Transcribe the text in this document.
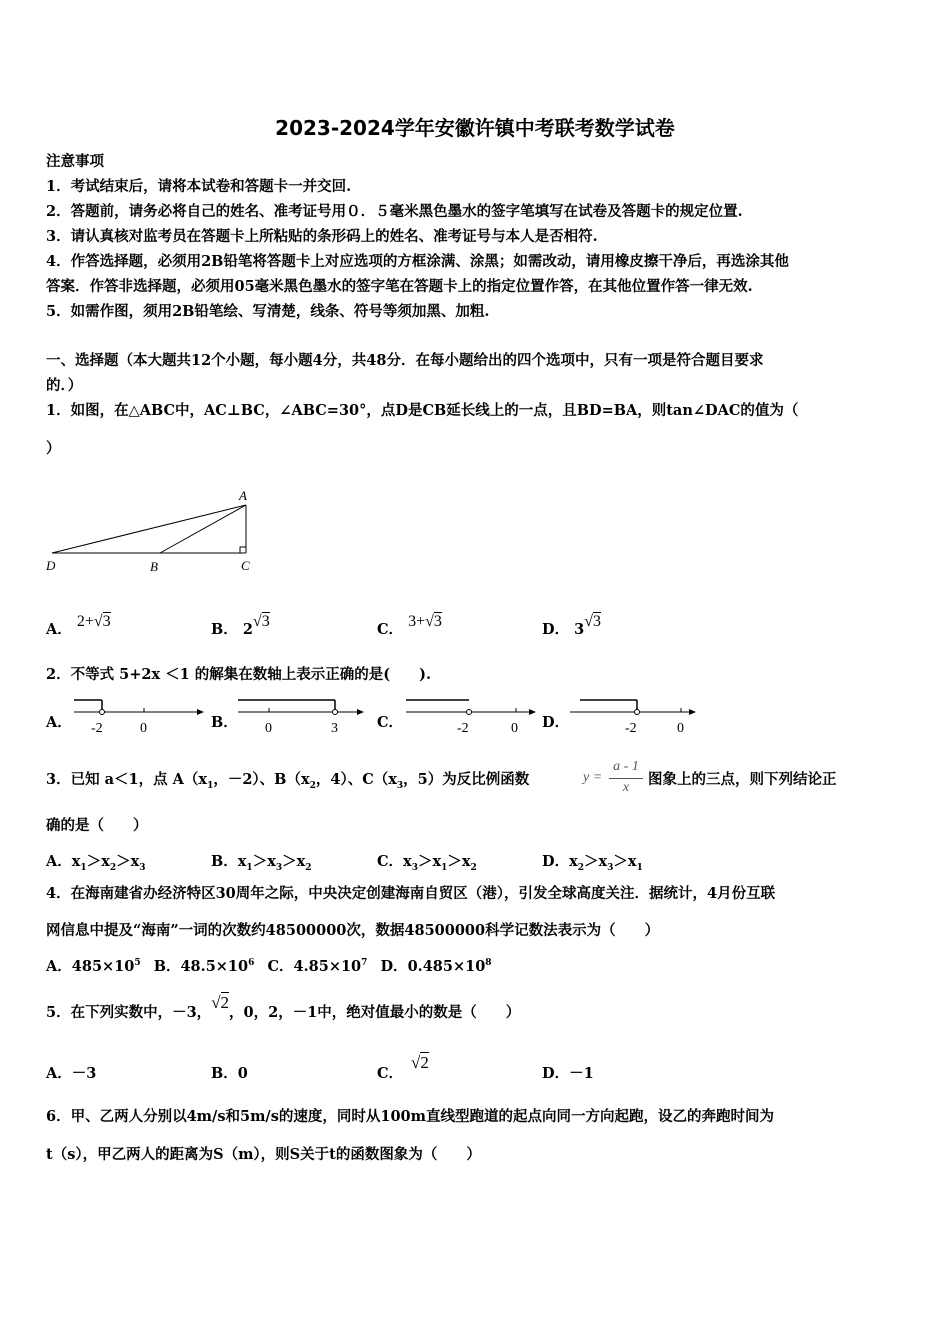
2023-2024学年安徽许镇中考联考数学试卷
注意事项
1．考试结束后，请将本试卷和答题卡一并交回.
2．答题前，请务必将自己的姓名、准考证号用０．５毫米黑色墨水的签字笔填写在试卷及答题卡的规定位置.
3．请认真核对监考员在答题卡上所粘贴的条形码上的姓名、准考证号与本人是否相符.
4．作答选择题，必须用2B铅笔将答题卡上对应选项的方框涂满、涂黑；如需改动，请用橡皮擦干净后，再选涂其他
答案．作答非选择题，必须用05毫米黑色墨水的签字笔在答题卡上的指定位置作答，在其他位置作答一律无效.
5．如需作图，须用2B铅笔绘、写清楚，线条、符号等须加黑、加粗.
一、选择题（本大题共12个小题，每小题4分，共48分．在每小题给出的四个选项中，只有一项是符合题目要求
的．）
1．如图，在△ABC中，AC⊥BC，∠ABC=30°，点D是CB延长线上的一点，且BD=BA，则tan∠DAC的值为（
）
A
D	B	C
A． 2+√3	B． 2√3	C． 3+√3	D． 3√3
2．不等式 5+2x ＜1 的解集在数轴上表示正确的是(　　).
A． -2	0	B． 0	3	C．	-2	0 D．	-2	0
3．已知 a＜1，点 $A(x_1$，－2）、$B(x_2$，4）、$C(x_3$，5）为反比例函数	y =
a - 1
x	图象上的三点，则下列结论正
确的是（　　）
A．$x_1>x_2>x_3$	B．$x_1>x_3>x_2$	C．$x_3>x_1>x_2$	D．$x_2>x_3>x_1$
4．在海南建省办经济特区30周年之际，中央决定创建海南自贸区（港），引发全球高度关注．据统计，4月份互联
网信息中提及“海南”一词的次数约48500000次，数据48500000科学记数法表示为（　　）
A．$485\times 10^5$ B．$48.5\times 10^6$ C．$4.85\times 10^7$ D．$0.485\times 10^8$
5．在下列实数中，－3，√2，0，2，－1中，绝对值最小的数是（　　）
A．－3	B．0	C．√2
D．－1
6．甲、乙两人分别以4m/s和5m/s的速度，同时从100m直线型跑道的起点向同一方向起跑，设乙的奔跑时间为
t（s），甲乙两人的距离为S（m），则S关于t的函数图象为（　　）
